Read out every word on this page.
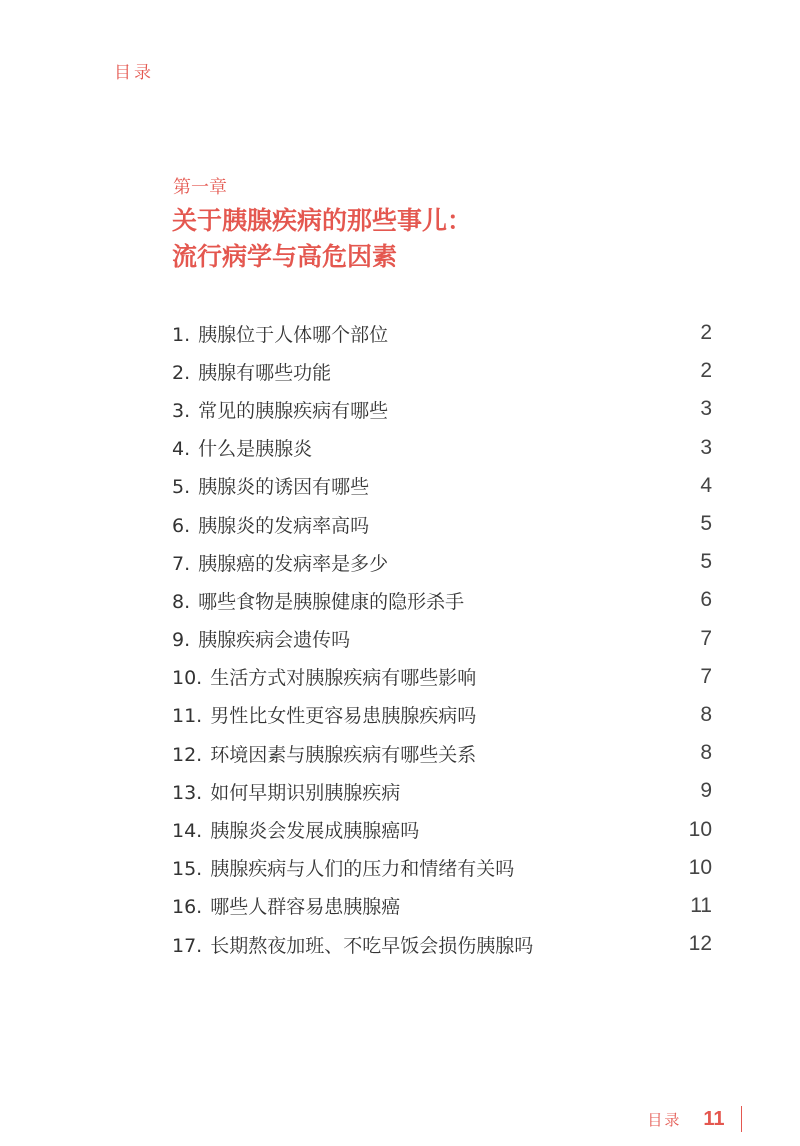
目录
第一章
关于胰腺疾病的那些事儿：
流行病学与高危因素
1. 胰腺位于人体哪个部位	2
2. 胰腺有哪些功能	2
3. 常见的胰腺疾病有哪些	3
4. 什么是胰腺炎	3
5. 胰腺炎的诱因有哪些	4
6. 胰腺炎的发病率高吗	5
7. 胰腺癌的发病率是多少	5
8. 哪些食物是胰腺健康的隐形杀手	6
9. 胰腺疾病会遗传吗	7
10. 生活方式对胰腺疾病有哪些影响	7
11. 男性比女性更容易患胰腺疾病吗	8
12. 环境因素与胰腺疾病有哪些关系	8
13. 如何早期识别胰腺疾病	9
14. 胰腺炎会发展成胰腺癌吗	10
15. 胰腺疾病与人们的压力和情绪有关吗	10
16. 哪些人群容易患胰腺癌	11
17. 长期熬夜加班、不吃早饭会损伤胰腺吗	12
目录 11
